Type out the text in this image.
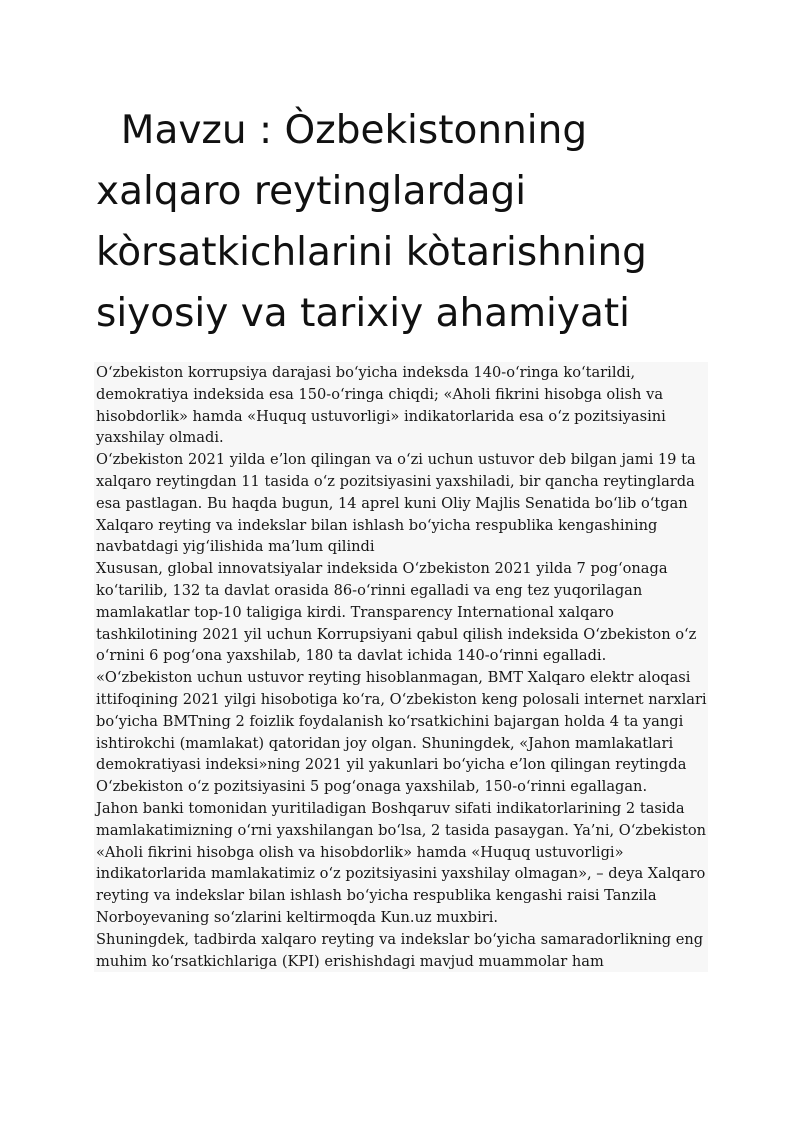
Mavzu : Òzbekistonning xalqaro reytinglardagi kòrsatkichlarini kòtarishning siyosiy va tarixiy ahamiyati

O‘zbekiston korrupsiya darajasi bo‘yicha indeksda 140-o‘ringa ko‘tarildi, demokratiya indeksida esa 150-o‘ringa chiqdi; «Aholi fikrini hisobga olish va hisobdorlik» hamda «Huquq ustuvorligi» indikatorlarida esa o‘z pozitsiyasini yaxshilay olmadi.

O‘zbekiston 2021 yilda e’lon qilingan va o‘zi uchun ustuvor deb bilgan jami 19 ta xalqaro reytingdan 11 tasida o‘z pozitsiyasini yaxshiladi, bir qancha reytinglarda esa pastlagan. Bu haqda bugun, 14 aprel kuni Oliy Majlis Senatida bo‘lib o‘tgan Xalqaro reyting va indekslar bilan ishlash bo‘yicha respublika kengashining navbatdagi yig‘ilishida ma’lum qilindi

Xususan, global innovatsiyalar indeksida O‘zbekiston 2021 yilda 7 pog‘onaga ko‘tarilib, 132 ta davlat orasida 86-o‘rinni egalladi va eng tez yuqorilagan mamlakatlar top-10 taligiga kirdi. Transparency International xalqaro tashkilotining 2021 yil uchun Korrupsiyani qabul qilish indeksida O‘zbekiston o‘z o‘rnini 6 pog‘ona yaxshilab, 180 ta davlat ichida 140-o‘rinni egalladi.

«O‘zbekiston uchun ustuvor reyting hisoblanmagan, BMT Xalqaro elektr aloqasi ittifoqining 2021 yilgi hisobotiga ko‘ra, O‘zbekiston keng polosali internet narxlari bo‘yicha BMTning 2 foizlik foydalanish ko‘rsatkichini bajargan holda 4 ta yangi ishtirokchi (mamlakat) qatoridan joy olgan. Shuningdek, «Jahon mamlakatlari demokratiyasi indeksi»ning 2021 yil yakunlari bo‘yicha e’lon qilingan reytingda O‘zbekiston o‘z pozitsiyasini 5 pog‘onaga yaxshilab, 150-o‘rinni egallagan.

Jahon banki tomonidan yuritiladigan Boshqaruv sifati indikatorlarining 2 tasida mamlakatimizning o‘rni yaxshilangan bo‘lsa, 2 tasida pasaygan. Ya’ni, O‘zbekiston «Aholi fikrini hisobga olish va hisobdorlik» hamda «Huquq ustuvorligi» indikatorlarida mamlakatimiz o‘z pozitsiyasini yaxshilay olmagan», – deya Xalqaro reyting va indekslar bilan ishlash bo‘yicha respublika kengashi raisi Tanzila Norboyevaning so‘zlarini keltirmoqda Kun.uz muxbiri.

Shuningdek, tadbirda xalqaro reyting va indekslar bo‘yicha samaradorlikning eng muhim ko‘rsatkichlariga (KPI) erishishdagi mavjud muammolar ham
